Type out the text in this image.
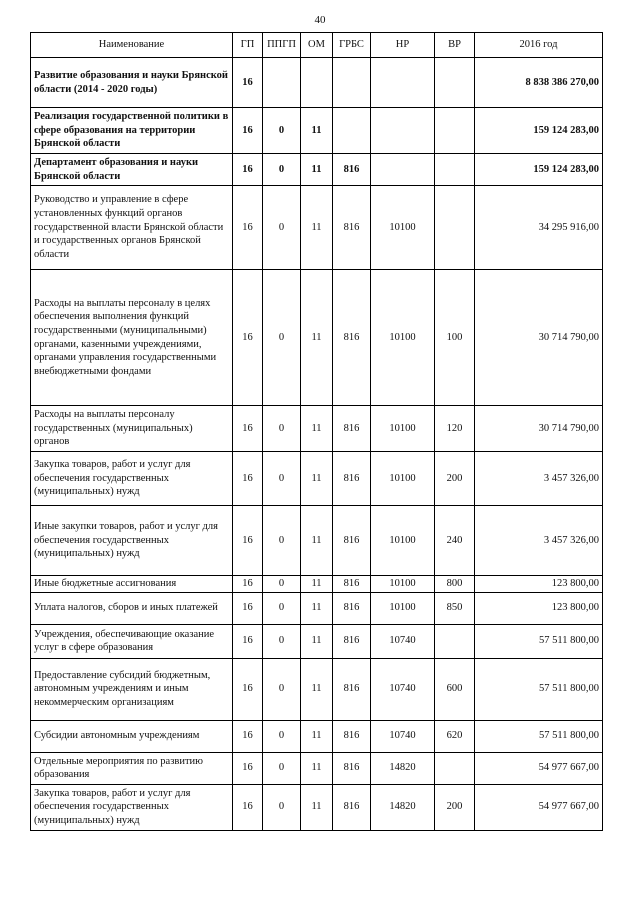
40
Наименование	ГП	ППГП	ОМ	ГРБС	НР	ВР	2016 год
Развитие образования и науки Брянской области (2014 - 2020 годы)	16						8 838 386 270,00
Реализация государственной политики в сфере образования на территории Брянской области	16	0	11				159 124 283,00
Департамент образования и науки Брянской области	16	0	11	816			159 124 283,00
Руководство и управление в сфере установленных функций органов государственной власти Брянской области и государственных органов Брянской области	16	0	11	816	10100		34 295 916,00
Расходы на выплаты персоналу в целях обеспечения выполнения функций государственными (муниципальными) органами, казенными учреждениями, органами управления государственными внебюджетными фондами	16	0	11	816	10100	100	30 714 790,00
Расходы на выплаты персоналу государственных (муниципальных) органов	16	0	11	816	10100	120	30 714 790,00
Закупка товаров, работ и услуг для обеспечения государственных (муниципальных) нужд	16	0	11	816	10100	200	3 457 326,00
Иные закупки товаров, работ и услуг для обеспечения государственных (муниципальных) нужд	16	0	11	816	10100	240	3 457 326,00
Иные бюджетные ассигнования	16	0	11	816	10100	800	123 800,00
Уплата налогов, сборов и иных платежей	16	0	11	816	10100	850	123 800,00
Учреждения, обеспечивающие оказание услуг в сфере образования	16	0	11	816	10740		57 511 800,00
Предоставление субсидий бюджетным, автономным учреждениям и иным некоммерческим организациям	16	0	11	816	10740	600	57 511 800,00
Субсидии автономным учреждениям	16	0	11	816	10740	620	57 511 800,00
Отдельные мероприятия по развитию образования	16	0	11	816	14820		54 977 667,00
Закупка товаров, работ и услуг для обеспечения государственных (муниципальных) нужд	16	0	11	816	14820	200	54 977 667,00
